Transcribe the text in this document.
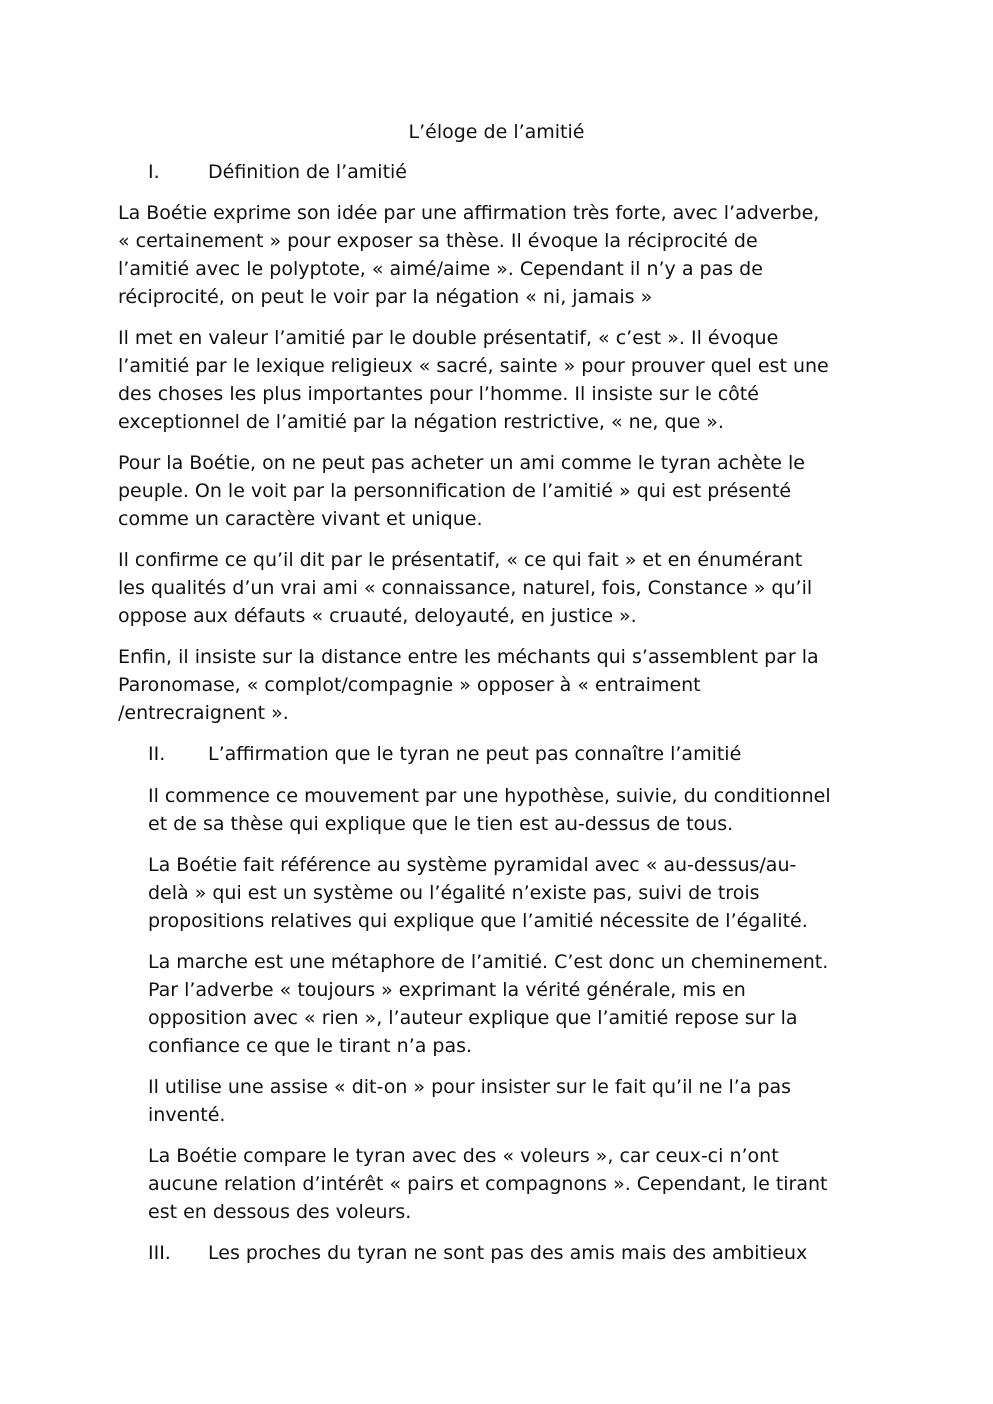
L’éloge de l’amitié
I.	Définition de l’amitié
La Boétie exprime son idée par une affirmation très forte, avec l’adverbe,
« certainement » pour exposer sa thèse. Il évoque la réciprocité de
l’amitié avec le polyptote, « aimé/aime ». Cependant il n’y a pas de
réciprocité, on peut le voir par la négation « ni, jamais »
Il met en valeur l’amitié par le double présentatif, « c’est ». Il évoque
l’amitié par le lexique religieux « sacré, sainte » pour prouver quel est une
des choses les plus importantes pour l’homme. Il insiste sur le côté
exceptionnel de l’amitié par la négation restrictive, « ne, que ».
Pour la Boétie, on ne peut pas acheter un ami comme le tyran achète le
peuple. On le voit par la personnification de l’amitié » qui est présenté
comme un caractère vivant et unique.
Il confirme ce qu’il dit par le présentatif, « ce qui fait » et en énumérant
les qualités d’un vrai ami « connaissance, naturel, fois, Constance » qu’il
oppose aux défauts « cruauté, deloyauté, en justice ».
Enfin, il insiste sur la distance entre les méchants qui s’assemblent par la
Paronomase, « complot/compagnie » opposer à « entraiment
/entrecraignent ».
II. L’affirmation que le tyran ne peut pas connaître l’amitié
Il commence ce mouvement par une hypothèse, suivie, du conditionnel
et de sa thèse qui explique que le tien est au-dessus de tous.
La Boétie fait référence au système pyramidal avec « au-dessus/au-
delà » qui est un système ou l’égalité n’existe pas, suivi de trois
propositions relatives qui explique que l’amitié nécessite de l’égalité.
La marche est une métaphore de l’amitié. C’est donc un cheminement.
Par l’adverbe « toujours » exprimant la vérité générale, mis en
opposition avec « rien », l’auteur explique que l’amitié repose sur la
confiance ce que le tirant n’a pas.
Il utilise une assise « dit-on » pour insister sur le fait qu’il ne l’a pas
inventé.
La Boétie compare le tyran avec des « voleurs », car ceux-ci n’ont
aucune relation d’intérêt « pairs et compagnons ». Cependant, le tirant
est en dessous des voleurs.
III. Les proches du tyran ne sont pas des amis mais des ambitieux
